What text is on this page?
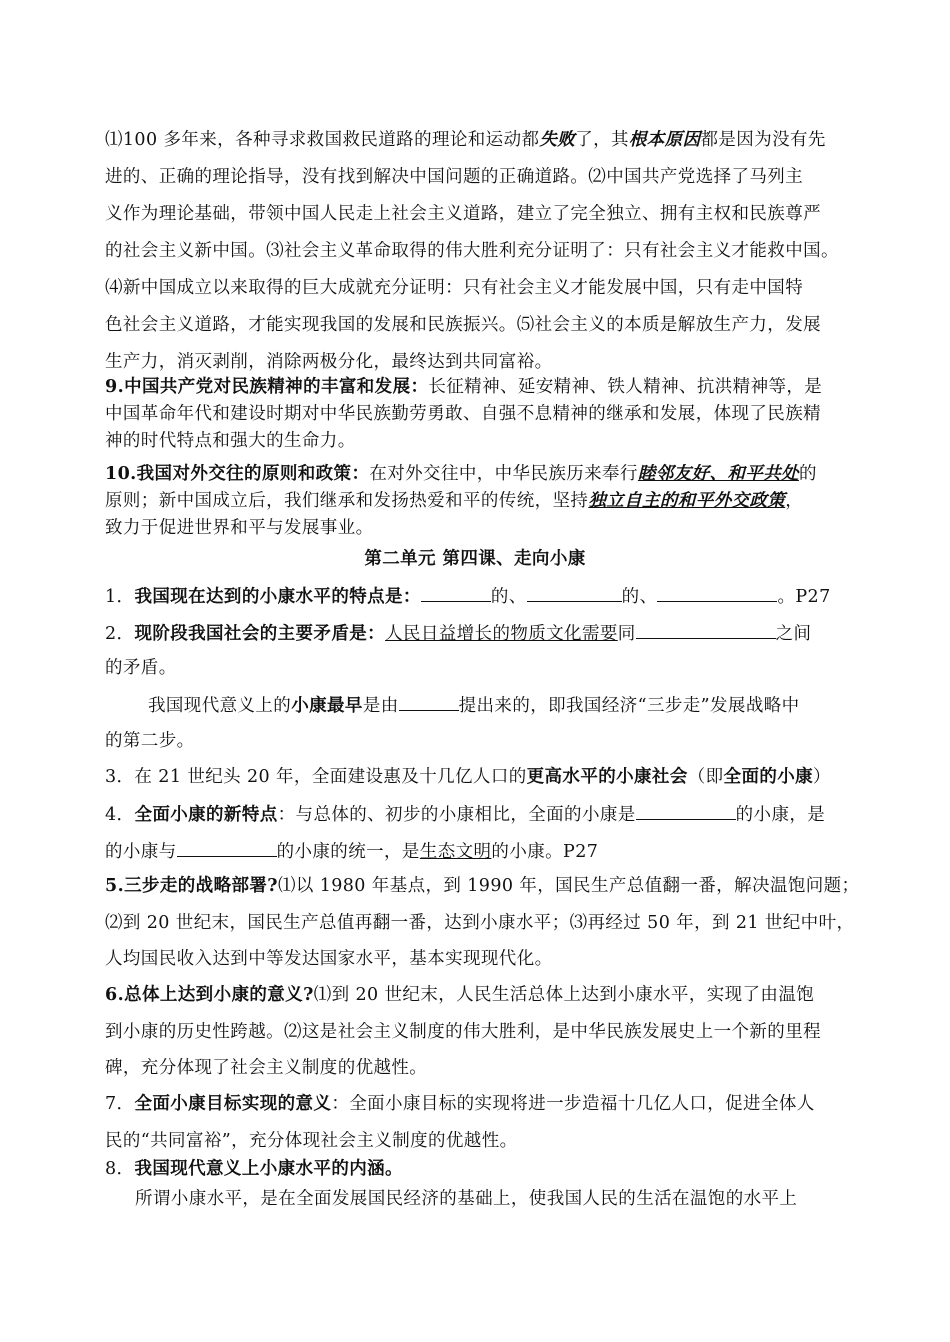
⑴100 多年来，各种寻求救国救民道路的理论和运动都失败了，其根本原因都是因为没有先
进的、正确的理论指导，没有找到解决中国问题的正确道路。⑵中国共产党选择了马列主
义作为理论基础，带领中国人民走上社会主义道路，建立了完全独立、拥有主权和民族尊严
的社会主义新中国。⑶社会主义革命取得的伟大胜利充分证明了：只有社会主义才能救中国。
⑷新中国成立以来取得的巨大成就充分证明：只有社会主义才能发展中国，只有走中国特
色社会主义道路，才能实现我国的发展和民族振兴。⑸社会主义的本质是解放生产力，发展
生产力，消灭剥削，消除两极分化，最终达到共同富裕。
9.中国共产党对民族精神的丰富和发展：长征精神、延安精神、铁人精神、抗洪精神等，是
中国革命年代和建设时期对中华民族勤劳勇敢、自强不息精神的继承和发展，体现了民族精
神的时代特点和强大的生命力。
10.我国对外交往的原则和政策：在对外交往中，中华民族历来奉行睦邻友好、和平共处的
原则；新中国成立后，我们继承和发扬热爱和平的传统，坚持独立自主的和平外交政策，
致力于促进世界和平与发展事业。
第二单元 第四课、走向小康
1．我国现在达到的小康水平的特点是：	的、	的、	。P27
2．现阶段我国社会的主要矛盾是：人民日益增长的物质文化需要同	之间
的矛盾。
我国现代意义上的小康最早是由	提出来的，即我国经济“三步走”发展战略中
的第二步。
3．在 21 世纪头 20 年，全面建设惠及十几亿人口的更高水平的小康社会（即全面的小康）
4．全面小康的新特点：与总体的、初步的小康相比，全面的小康是	的小康，是
的小康与	的小康的统一，是生态文明的小康。P27
5.三步走的战略部署?⑴以 1980 年基点，到 1990 年，国民生产总值翻一番，解决温饱问题；
⑵到 20 世纪末，国民生产总值再翻一番，达到小康水平；⑶再经过 50 年，到 21 世纪中叶，
人均国民收入达到中等发达国家水平，基本实现现代化。
6.总体上达到小康的意义?⑴到 20 世纪末，人民生活总体上达到小康水平，实现了由温饱
到小康的历史性跨越。⑵这是社会主义制度的伟大胜利，是中华民族发展史上一个新的里程
碑，充分体现了社会主义制度的优越性。
7．全面小康目标实现的意义：全面小康目标的实现将进一步造福十几亿人口，促进全体人
民的“共同富裕”，充分体现社会主义制度的优越性。
8．我国现代意义上小康水平的内涵。
所谓小康水平，是在全面发展国民经济的基础上，使我国人民的生活在温饱的水平上
